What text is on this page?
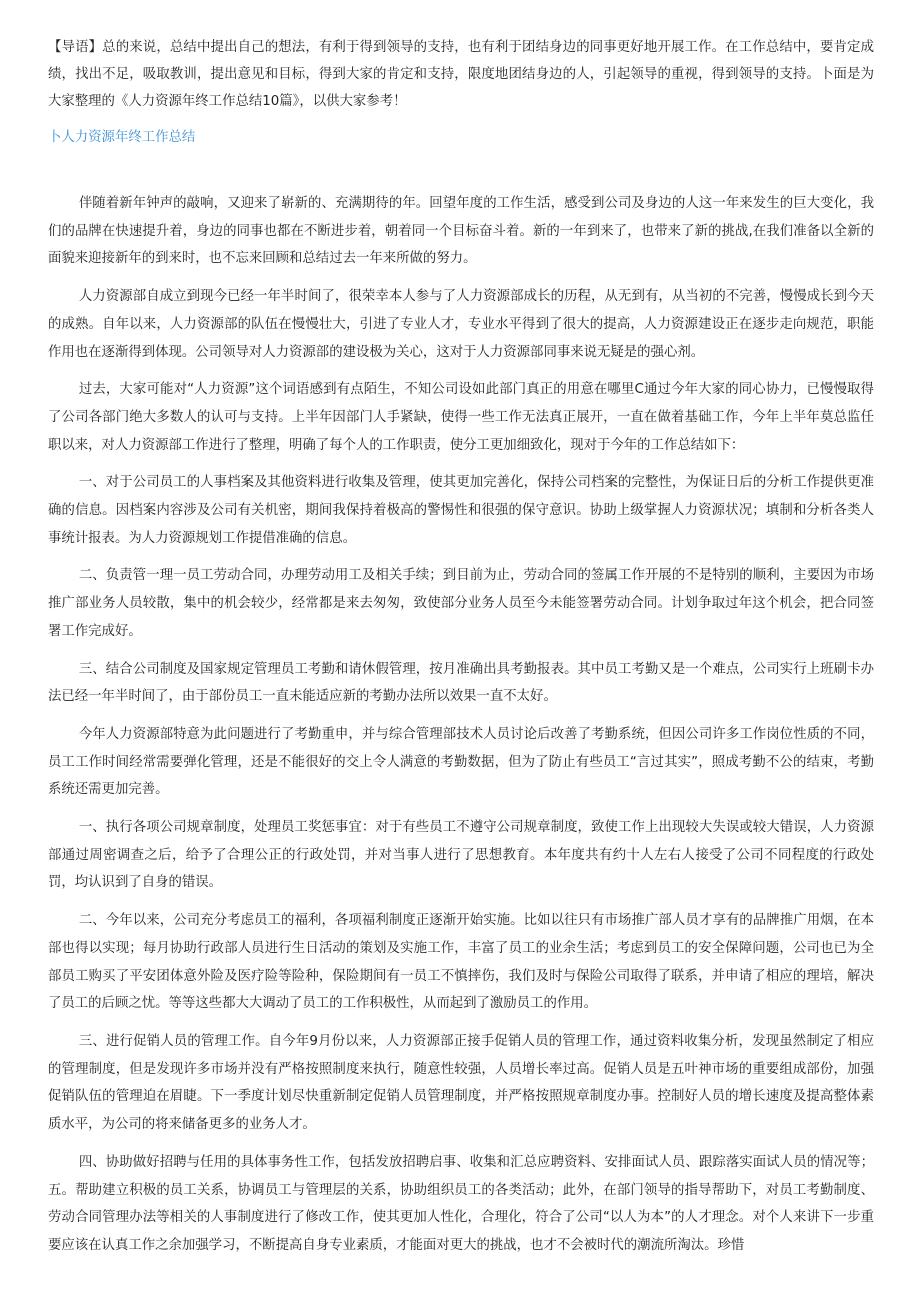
【导语】总的来说，总结中提出自己的想法，有利于得到领导的支持，也有利于团结身边的同事更好地开展工作。在工作总结中，要肯定成绩，找出不足，吸取教训，提出意见和目标，得到大家的肯定和支持，限度地团结身边的人，引起领导的重视，得到领导的支持。卜面是为大家整理的《人力资源年终工作总结10篇》，以供大家参考！

卜人力资源年终工作总结

伴随着新年钟声的敲响，又迎来了崭新的、充满期待的年。回望年度的工作生活，感受到公司及身边的人这一年来发生的巨大变化，我们的品牌在快速提升着，身边的同事也都在不断进步着，朝着同一个目标奋斗着。新的一年到来了，也带来了新的挑战,在我们准备以全新的面貌来迎接新年的到来时，也不忘来回顾和总结过去一年来所做的努力。

人力资源部自成立到现今已经一年半时间了，很荣幸本人参与了人力资源部成长的历程，从无到有，从当初的不完善，慢慢成长到今天的成熟。自年以来，人力资源部的队伍在慢慢壮大，引进了专业人才，专业水平得到了很大的提高，人力资源建设正在逐步走向规范，职能作用也在逐渐得到体现。公司领导对人力资源部的建设极为关心，这对于人力资源部同事来说无疑是的强心剂。

过去，大家可能对“人力资源”这个词语感到有点陌生，不知公司设如此部门真正的用意在哪里C通过今年大家的同心协力，已慢慢取得了公司各部门绝大多数人的认可与支持。上半年因部门人手紧缺，使得一些工作无法真正展开，一直在做着基础工作，今年上半年莫总监任职以来，对人力资源部工作进行了整理，明确了每个人的工作职责，使分工更加细致化，现对于今年的工作总结如下：

一、对于公司员工的人事档案及其他资料进行收集及管理，使其更加完善化，保持公司档案的完整性，为保证日后的分析工作提供更准确的信息。因档案内容涉及公司有关机密，期间我保持着极高的警惕性和很强的保守意识。协助上级掌握人力资源状况；填制和分析各类人事统计报表。为人力资源规划工作提借准确的信息。

二、负责管一理一员工劳动合同，办理劳动用工及相关手续；到目前为止，劳动合同的签属工作开展的不是特别的顺利，主要因为市场推广部业务人员较散，集中的机会较少，经常都是来去匆匆，致使部分业务人员至今未能签署劳动合同。计划争取过年这个机会，把合同签署工作完成好。

三、结合公司制度及国家规定管理员工考勤和请休假管理，按月准确出具考勤报表。其中员工考勤又是一个难点，公司实行上班刷卡办法已经一年半时间了，由于部份员工一直未能适应新的考勤办法所以效果一直不太好。

今年人力资源部特意为此问题进行了考勤重申，并与综合管理部技术人员讨论后改善了考勤系统，但因公司许多工作岗位性质的不同，员工工作时间经常需要弹化管理，还是不能很好的交上令人满意的考勤数据，但为了防止有些员工“言过其实”，照成考勤不公的结束，考勤系统还需更加完善。

一、执行各项公司规章制度，处理员工奖惩事宜：对于有些员工不遵守公司规章制度，致使工作上出现较大失误或较大错误，人力资源部通过周密调查之后，给予了合理公正的行政处罚，并对当事人进行了思想教育。本年度共有约十人左右人接受了公司不同程度的行政处罚，均认识到了自身的错误。

二、今年以来，公司充分考虑员工的福利，各项福利制度正逐渐开始实施。比如以往只有市场推广部人员才享有的品牌推广用烟，在本部也得以实现；每月协助行政部人员进行生日活动的策划及实施工作，丰富了员工的业余生活；考虑到员工的安全保障问题，公司也已为全部员工购买了平安团体意外险及医疗险等险种，保险期间有一员工不慎摔伤，我们及时与保险公司取得了联系，并申请了相应的理培，解决了员工的后顾之忧。等等这些都大大调动了员工的工作积极性，从而起到了激励员工的作用。

三、进行促销人员的管理工作。自今年9月份以来，人力资源部正接手促销人员的管理工作，通过资料收集分析，发现虽然制定了相应的管理制度，但是发现许多市场并没有严格按照制度来执行，随意性较强，人员增长率过高。促销人员是五叶神市场的重要组成部份，加强促销队伍的管理迫在眉睫。下一季度计划尽快重新制定促销人员管理制度，并严格按照规章制度办事。控制好人员的增长速度及提高整体素质水平，为公司的将来储备更多的业务人才。

四、协助做好招聘与任用的具体事务性工作，包括发放招聘启事、收集和汇总应聘资料、安排面试人员、跟踪落实面试人员的情况等；五。帮助建立积极的员工关系，协调员工与管理层的关系，协助组织员工的各类活动；此外，在部门领导的指导帮助下，对员工考勤制度、劳动合同管理办法等相关的人事制度进行了修改工作，使其更加人性化，合理化，符合了公司“以人为本”的人才理念。对个人来讲下一步重要应该在认真工作之余加强学习，不断提高自身专业素质，才能面对更大的挑战，也才不会被时代的潮流所淘汰。珍惜
